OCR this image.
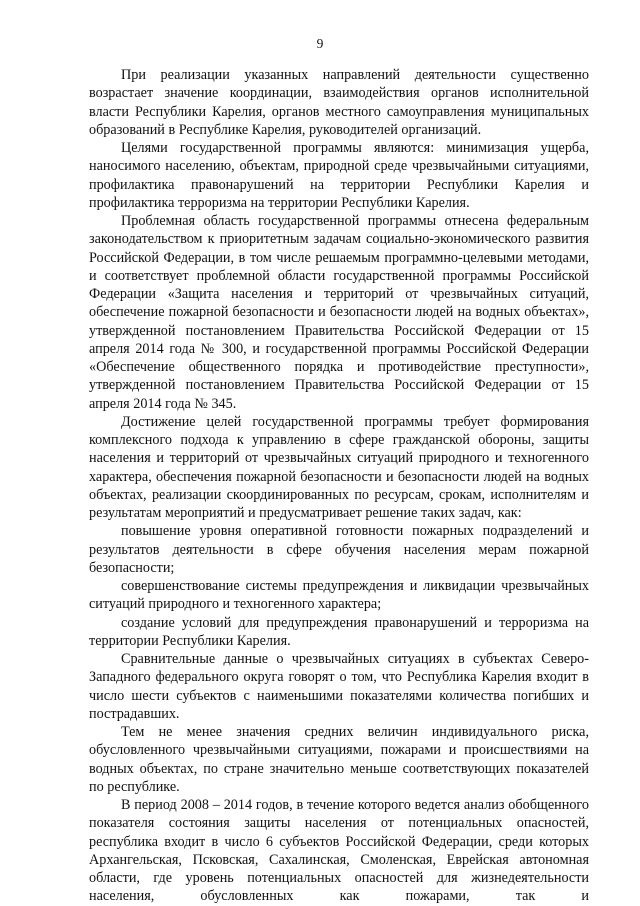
9

При реализации указанных направлений деятельности существенно возрастает значение координации, взаимодействия органов исполнительной власти Республики Карелия, органов местного самоуправления муниципальных образований в Республике Карелия, руководителей организаций.

Целями государственной программы являются: минимизация ущерба, наносимого населению, объектам, природной среде чрезвычайными ситуациями, профилактика правонарушений на территории Республики Карелия и профилактика терроризма на территории Республики Карелия.

Проблемная область государственной программы отнесена федеральным законодательством к приоритетным задачам социально-экономического развития Российской Федерации, в том числе решаемым программно-целевыми методами, и соответствует проблемной области государственной программы Российской Федерации «Защита населения и территорий от чрезвычайных ситуаций, обеспечение пожарной безопасности и безопасности людей на водных объектах», утвержденной постановлением Правительства Российской Федерации от 15 апреля 2014 года № 300, и государственной программы Российской Федерации «Обеспечение общественного порядка и противодействие преступности», утвержденной постановлением Правительства Российской Федерации от 15 апреля 2014 года № 345.

Достижение целей государственной программы требует формирования комплексного подхода к управлению в сфере гражданской обороны, защиты населения и территорий от чрезвычайных ситуаций природного и техногенного характера, обеспечения пожарной безопасности и безопасности людей на водных объектах, реализации скоординированных по ресурсам, срокам, исполнителям и результатам мероприятий и предусматривает решение таких задач, как:

повышение уровня оперативной готовности пожарных подразделений и результатов деятельности в сфере обучения населения мерам пожарной безопасности;

совершенствование системы предупреждения и ликвидации чрезвычайных ситуаций природного и техногенного характера;

создание условий для предупреждения правонарушений и терроризма на территории Республики Карелия.

Сравнительные данные о чрезвычайных ситуациях в субъектах Северо-Западного федерального округа говорят о том, что Республика Карелия входит в число шести субъектов с наименьшими показателями количества погибших и пострадавших.

Тем не менее значения средних величин индивидуального риска, обусловленного чрезвычайными ситуациями, пожарами и происшествиями на водных объектах, по стране значительно меньше соответствующих показателей по республике.

В период 2008 – 2014 годов, в течение которого ведется анализ обобщенного показателя состояния защиты населения от потенциальных опасностей, республика входит в число 6 субъектов Российской Федерации, среди которых Архангельская, Псковская, Сахалинская, Смоленская, Еврейская автономная области, где уровень потенциальных опасностей для жизнедеятельности населения, обусловленных как пожарами, так и
